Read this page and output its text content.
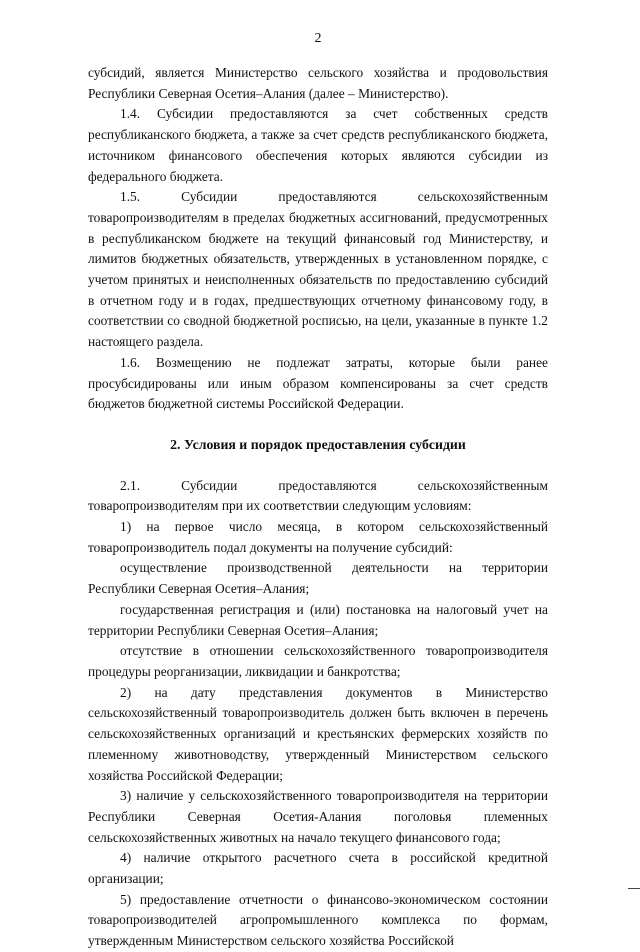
2

субсидий, является Министерство сельского хозяйства и продовольствия Республики Северная Осетия–Алания (далее – Министерство).

1.4. Субсидии предоставляются за счет собственных средств республиканского бюджета, а также за счет средств республиканского бюджета, источником финансового обеспечения которых являются субсидии из федерального бюджета.

1.5. Субсидии предоставляются сельскохозяйственным товаропроизводителям в пределах бюджетных ассигнований, предусмотренных в республиканском бюджете на текущий финансовый год Министерству, и лимитов бюджетных обязательств, утвержденных в установленном порядке, с учетом принятых и неисполненных обязательств по предоставлению субсидий в отчетном году и в годах, предшествующих отчетному финансовому году, в соответствии со сводной бюджетной росписью, на цели, указанные в пункте 1.2 настоящего раздела.

1.6. Возмещению не подлежат затраты, которые были ранее просубсидированы или иным образом компенсированы за счет средств бюджетов бюджетной системы Российской Федерации.

2. Условия и порядок предоставления субсидии

2.1. Субсидии предоставляются сельскохозяйственным товаропроизводителям при их соответствии следующим условиям:

1) на первое число месяца, в котором сельскохозяйственный товаропроизводитель подал документы на получение субсидий:

осуществление производственной деятельности на территории Республики Северная Осетия–Алания;

государственная регистрация и (или) постановка на налоговый учет на территории Республики Северная Осетия–Алания;

отсутствие в отношении сельскохозяйственного товаропроизводителя процедуры реорганизации, ликвидации и банкротства;

2) на дату представления документов в Министерство сельскохозяйственный товаропроизводитель должен быть включен в перечень сельскохозяйственных организаций и крестьянских фермерских хозяйств по племенному животноводству, утвержденный Министерством сельского хозяйства Российской Федерации;

3) наличие у сельскохозяйственного товаропроизводителя на территории Республики Северная Осетия-Алания поголовья племенных сельскохозяйственных животных на начало текущего финансового года;

4) наличие открытого расчетного счета в российской кредитной организации;

5) предоставление отчетности о финансово-экономическом состоянии товаропроизводителей агропромышленного комплекса по формам, утвержденным Министерством сельского хозяйства Российской
